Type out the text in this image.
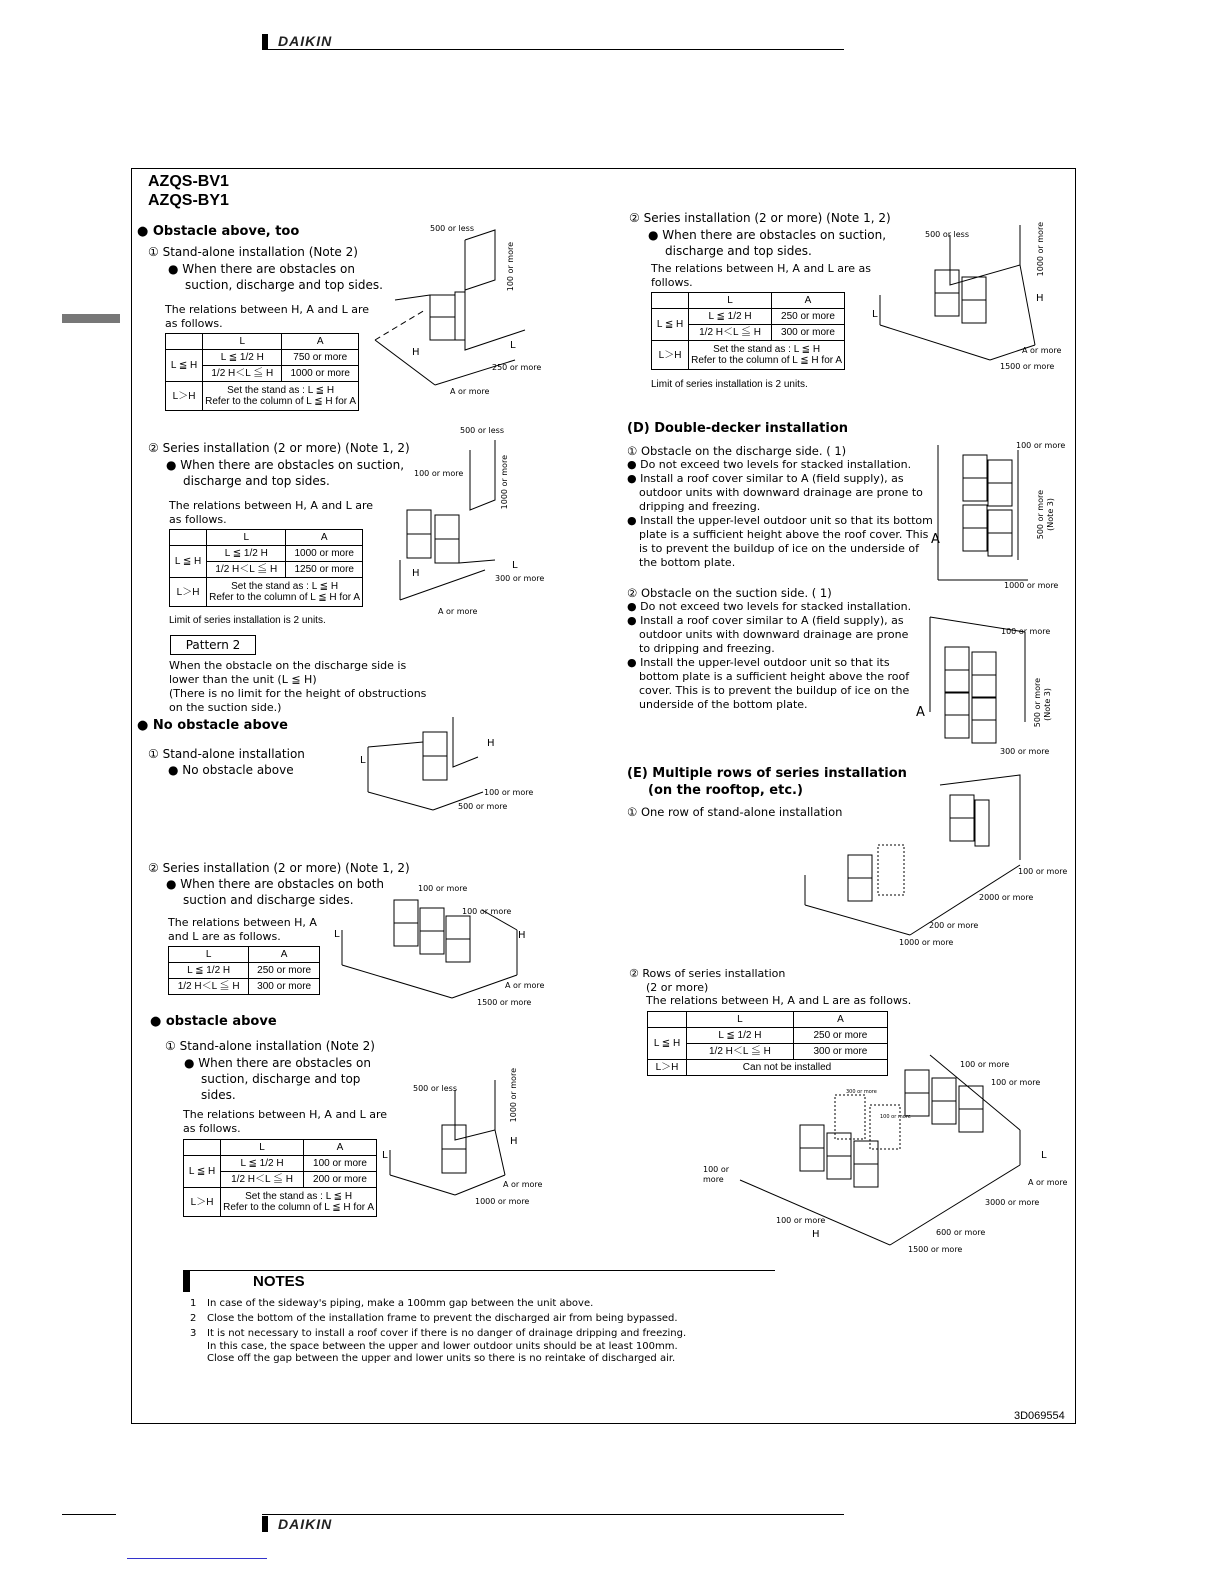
DAIKIN
AZQS-BV1
AZQS-BY1
● Obstacle above, too
① Stand-alone installation (Note 2)
● When there are obstacles on
suction, discharge and top sides.
The relations between H, A and L are
as follows.
	L	A
L ≦ H	L ≦ 1/2 H	750 or more
	1/2 H＜L ≦ H	1000 or more
L＞H	Set the stand as : L ≦ H
Refer to the column of L ≦ H for A	
500 or less
100 or more
250 or more
A or more
H
L
② Series installation (2 or more) (Note 1, 2)
● When there are obstacles on suction,
discharge and top sides.
The relations between H, A and L are
as follows.
	L	A
L ≦ H	L ≦ 1/2 H	1000 or more
	1/2 H＜L ≦ H	1250 or more
L＞H	Set the stand as : L ≦ H
Refer to the column of L ≦ H for A	
Limit of series installation is 2 units.
500 or less
100 or more	1000 or more
300 or more
A or more
H
L
Pattern 2
When the obstacle on the discharge side is
lower than the unit (L ≦ H)
(There is no limit for the height of obstructions
on the suction side.)
● No obstacle above
① Stand-alone installation
● No obstacle above
100 or more
500 or more
H
L
② Series installation (2 or more) (Note 1, 2)
● When there are obstacles on both
suction and discharge sides.
The relations between H, A
and L are as follows.
L	A
L ≦ 1/2 H	250 or more
1/2 H＜L ≦ H	300 or more
100 or more
100 or more
A or more
1500 or more
H
L
● obstacle above
① Stand-alone installation (Note 2)
● When there are obstacles on
suction, discharge and top
sides.
The relations between H, A and L are
as follows.
	L	A
L ≦ H	L ≦ 1/2 H	100 or more
	1/2 H＜L ≦ H	200 or more
L＞H	Set the stand as : L ≦ H
Refer to the column of L ≦ H for A	
500 or less	1000 or more
A or more
1000 or more
H
L
② Series installation (2 or more) (Note 1, 2)
● When there are obstacles on suction,
discharge and top sides.
The relations between H, A and L are as
follows.
	L	A
L ≦ H	L ≦ 1/2 H	250 or more
	1/2 H＜L ≦ H	300 or more
L＞H	Set the stand as : L ≦ H
Refer to the column of L ≦ H for A	
Limit of series installation is 2 units.
500 or less	1000 or more
A or more
1500 or more
H
L
(D) Double-decker installation
① Obstacle on the discharge side. ( 1)
● Do not exceed two levels for stacked installation.
● Install a roof cover similar to A (field supply), as
outdoor units with downward drainage are prone to
dripping and freezing.
● Install the upper-level outdoor unit so that its bottom
plate is a sufficient height above the roof cover. This
is to prevent the buildup of ice on the underside of
the bottom plate.
100 or more
500 or more (Note 3)
1000 or more
A
② Obstacle on the suction side. ( 1)
● Do not exceed two levels for stacked installation.
● Install a roof cover similar to A (field supply), as
outdoor units with downward drainage are prone
to dripping and freezing.
● Install the upper-level outdoor unit so that its
bottom plate is a sufficient height above the roof
cover. This is to prevent the buildup of ice on the
underside of the bottom plate.
100 or more
500 or more (Note 3)
300 or more
A
(E) Multiple rows of series installation
(on the rooftop, etc.)
① One row of stand-alone installation
100 or more
2000 or more
200 or more
1000 or more
② Rows of series installation
(2 or more)
The relations between H, A and L are as follows.
	L	A
L ≦ H	L ≦ 1/2 H	250 or more
	1/2 H＜L ≦ H	300 or more
L＞H	Can not be installed		100 or more
100 or more
300 or more
100 or more
100 or
more
100 or more
A or more
3000 or more
600 or more
1500 or more
H
L
NOTES
1 In case of the sideway's piping, make a 100mm gap between the unit above.
2 Close the bottom of the installation frame to prevent the discharged air from being bypassed.
3 It is not necessary to install a roof cover if there is no danger of drainage dripping and freezing.
In this case, the space between the upper and lower outdoor units should be at least 100mm.
Close off the gap between the upper and lower units so there is no reintake of discharged air.
3D069554
DAIKIN
